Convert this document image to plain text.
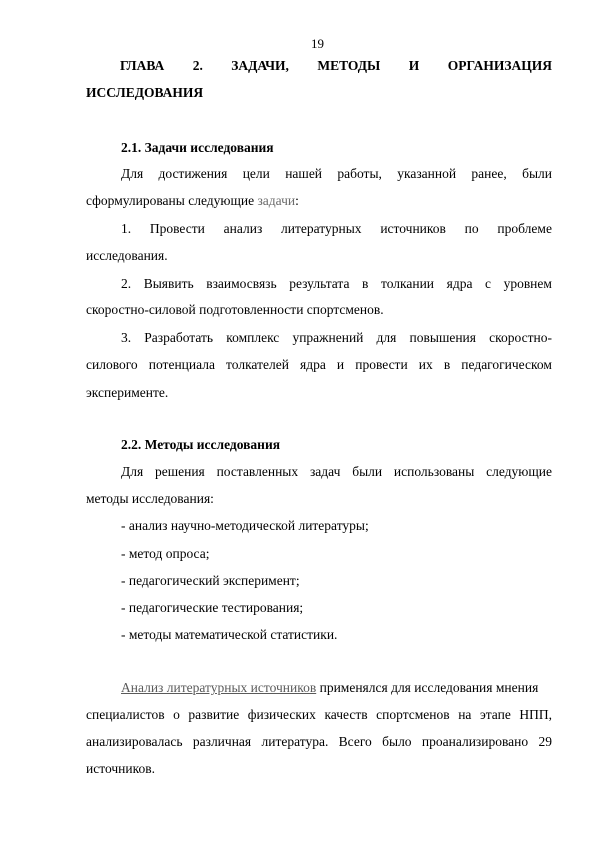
19
ГЛАВА 2. ЗАДАЧИ, МЕТОДЫ И ОРГАНИЗАЦИЯ
ИССЛЕДОВАНИЯ
2.1. Задачи исследования
Для достижения цели нашей работы, указанной ранее, были
сформулированы следующие задачи:
1. Провести анализ литературных источников по проблеме
исследования.
2. Выявить взаимосвязь результата в толкании ядра с уровнем
скоростно-силовой подготовленности спортсменов.
3. Разработать комплекс упражнений для повышения скоростно-
силового потенциала толкателей ядра и провести их в педагогическом
эксперименте.
2.2. Методы исследования
Для решения поставленных задач были использованы следующие
методы исследования:
- анализ научно-методической литературы;
- метод опроса;
- педагогический эксперимент;
- педагогические тестирования;
- методы математической статистики.
Анализ литературных источников применялся для исследования мнения
специалистов о развитие физических качеств спортсменов на этапе НПП,
анализировалась различная литература. Всего было проанализировано 29
источников.
